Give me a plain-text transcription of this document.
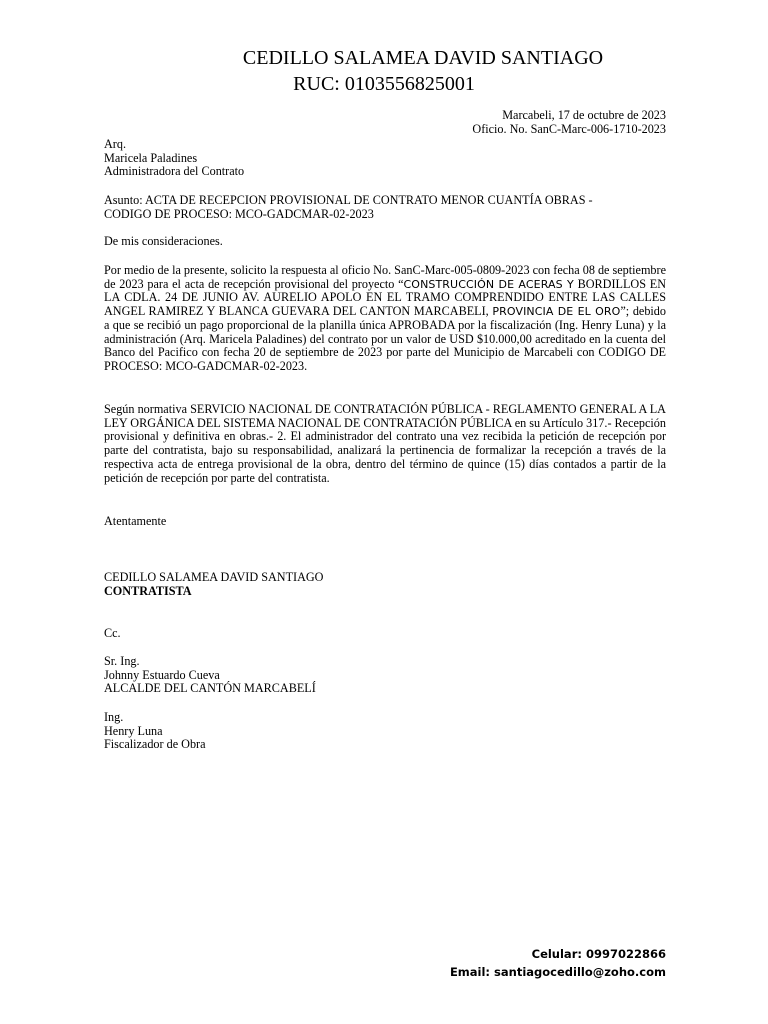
CEDILLO SALAMEA DAVID SANTIAGO
RUC: 0103556825001
Marcabeli, 17 de octubre de 2023
Oficio. No. SanC-Marc-006-1710-2023
Arq.
Maricela Paladines
Administradora del Contrato
Asunto: ACTA DE RECEPCION PROVISIONAL DE CONTRATO MENOR CUANTÍA OBRAS -
CODIGO DE PROCESO: MCO-GADCMAR-02-2023
De mis consideraciones.
Por medio de la presente, solicito la respuesta al oficio No. SanC-Marc-005-0809-2023 con fecha 08 de septiembre de 2023 para el acta de recepción provisional del proyecto “CONSTRUCCIÓN DE ACERAS Y BORDILLOS EN LA CDLA. 24 DE JUNIO AV. AURELIO APOLO EN EL TRAMO COMPRENDIDO ENTRE LAS CALLES ANGEL RAMIREZ Y BLANCA GUEVARA DEL CANTON MARCABELI, PROVINCIA DE EL ORO”; debido a que se recibió un pago proporcional de la planilla única APROBADA por la fiscalización (Ing. Henry Luna) y la administración (Arq. Maricela Paladines) del contrato por un valor de USD $10.000,00 acreditado en la cuenta del Banco del Pacifico con fecha 20 de septiembre de 2023 por parte del Municipio de Marcabeli con CODIGO DE PROCESO: MCO-GADCMAR-02-2023.
Según normativa SERVICIO NACIONAL DE CONTRATACIÓN PÚBLICA - REGLAMENTO GENERAL A LA LEY ORGÁNICA DEL SISTEMA NACIONAL DE CONTRATACIÓN PÚBLICA en su Artículo 317.- Recepción provisional y definitiva en obras.- 2. El administrador del contrato una vez recibida la petición de recepción por parte del contratista, bajo su responsabilidad, analizará la pertinencia de formalizar la recepción a través de la respectiva acta de entrega provisional de la obra, dentro del término de quince (15) días contados a partir de la petición de recepción por parte del contratista.
Atentamente
CEDILLO SALAMEA DAVID SANTIAGO
CONTRATISTA
Cc.
Sr. Ing.
Johnny Estuardo Cueva
ALCALDE DEL CANTÓN MARCABELÍ
Ing.
Henry Luna
Fiscalizador de Obra
Celular: 0997022866
Email: santiagocedillo@zoho.com
